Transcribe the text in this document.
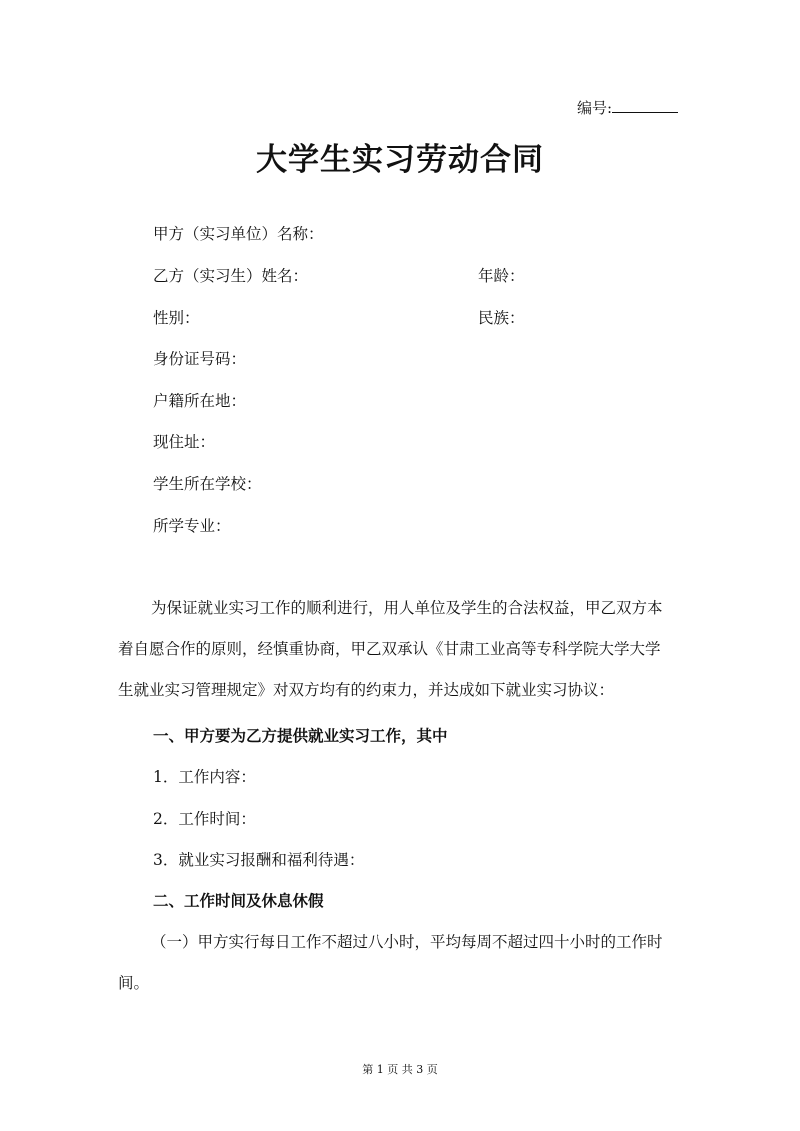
编号:
大学生实习劳动合同
甲方（实习单位）名称：
乙方（实习生）姓名：	年龄：
性别：	民族：
身份证号码：
户籍所在地：
现住址：
学生所在学校：
所学专业：
为保证就业实习工作的顺利进行，用人单位及学生的合法权益，甲乙双方本
着自愿合作的原则，经慎重协商，甲乙双承认《甘肃工业高等专科学院大学大学
生就业实习管理规定》对双方均有的约束力，并达成如下就业实习协议：
一、甲方要为乙方提供就业实习工作，其中
1．工作内容：
2．工作时间：
3．就业实习报酬和福利待遇：
二、工作时间及休息休假
（一）甲方实行每日工作不超过八小时，平均每周不超过四十小时的工作时
间。
第 1 页 共 3 页
